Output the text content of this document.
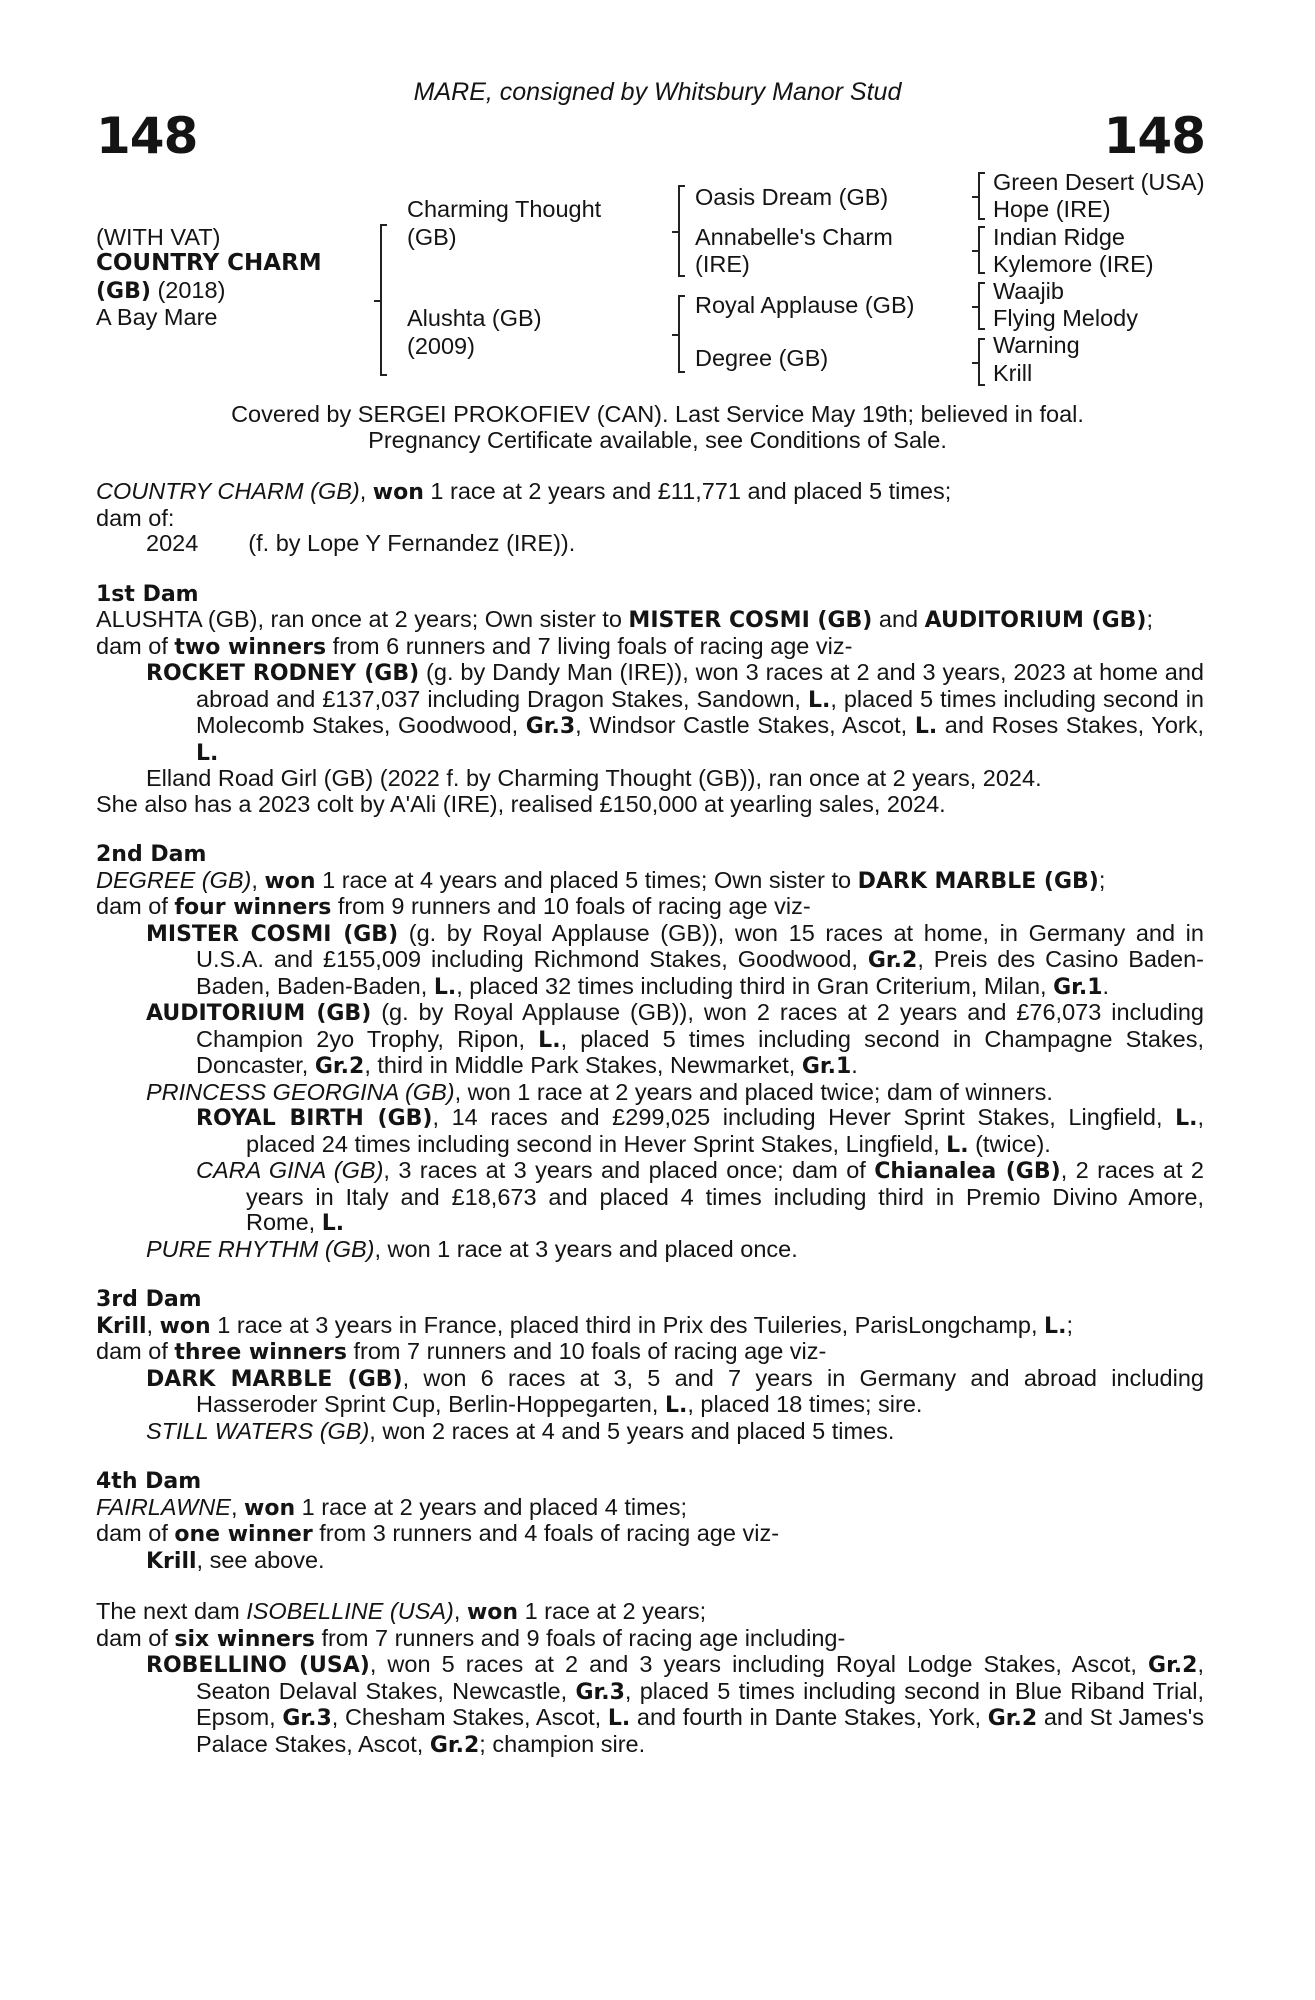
MARE, consigned by Whitsbury Manor Stud
148	148
(WITH VAT)
COUNTRY CHARM
(GB) (2018)
A Bay Mare
Charming Thought
(GB)
Alushta (GB)
(2009)
Oasis Dream (GB)
Annabelle's Charm
(IRE)
Royal Applause (GB)
Degree (GB)
Green Desert (USA)
Hope (IRE)
Indian Ridge
Kylemore (IRE)
Waajib
Flying Melody
Warning
Krill
Covered by SERGEI PROKOFIEV (CAN). Last Service May 19th; believed in foal.
Pregnancy Certificate available, see Conditions of Sale.

COUNTRY CHARM (GB), won 1 race at 2 years and £11,771 and placed 5 times;

dam of:

2024 (f. by Lope Y Fernandez (IRE)).

1st Dam

ALUSHTA (GB), ran once at 2 years; Own sister to MISTER COSMI (GB) and AUDITORIUM (GB);

dam of two winners from 6 runners and 7 living foals of racing age viz-

ROCKET RODNEY (GB) (g. by Dandy Man (IRE)), won 3 races at 2 and 3 years, 2023 at home and abroad and £137,037 including Dragon Stakes, Sandown, L., placed 5 times including second in Molecomb Stakes, Goodwood, Gr.3, Windsor Castle Stakes, Ascot, L. and Roses Stakes, York, L.

Elland Road Girl (GB) (2022 f. by Charming Thought (GB)), ran once at 2 years, 2024.

She also has a 2023 colt by A'Ali (IRE), realised £150,000 at yearling sales, 2024.

2nd Dam

DEGREE (GB), won 1 race at 4 years and placed 5 times; Own sister to DARK MARBLE (GB);

dam of four winners from 9 runners and 10 foals of racing age viz-

MISTER COSMI (GB) (g. by Royal Applause (GB)), won 15 races at home, in Germany and in U.S.A. and £155,009 including Richmond Stakes, Goodwood, Gr.2, Preis des Casino Baden-Baden, Baden-Baden, L., placed 32 times including third in Gran Criterium, Milan, Gr.1.

AUDITORIUM (GB) (g. by Royal Applause (GB)), won 2 races at 2 years and £76,073 including Champion 2yo Trophy, Ripon, L., placed 5 times including second in Champagne Stakes, Doncaster, Gr.2, third in Middle Park Stakes, Newmarket, Gr.1.

PRINCESS GEORGINA (GB), won 1 race at 2 years and placed twice; dam of winners.

ROYAL BIRTH (GB), 14 races and £299,025 including Hever Sprint Stakes, Lingfield, L., placed 24 times including second in Hever Sprint Stakes, Lingfield, L. (twice).

CARA GINA (GB), 3 races at 3 years and placed once; dam of Chianalea (GB), 2 races at 2 years in Italy and £18,673 and placed 4 times including third in Premio Divino Amore, Rome, L.

PURE RHYTHM (GB), won 1 race at 3 years and placed once.

3rd Dam

Krill, won 1 race at 3 years in France, placed third in Prix des Tuileries, ParisLongchamp, L.;

dam of three winners from 7 runners and 10 foals of racing age viz-

DARK MARBLE (GB), won 6 races at 3, 5 and 7 years in Germany and abroad including Hasseroder Sprint Cup, Berlin-Hoppegarten, L., placed 18 times; sire.

STILL WATERS (GB), won 2 races at 4 and 5 years and placed 5 times.

4th Dam

FAIRLAWNE, won 1 race at 2 years and placed 4 times;

dam of one winner from 3 runners and 4 foals of racing age viz-

Krill, see above.

The next dam ISOBELLINE (USA), won 1 race at 2 years;

dam of six winners from 7 runners and 9 foals of racing age including-

ROBELLINO (USA), won 5 races at 2 and 3 years including Royal Lodge Stakes, Ascot, Gr.2, Seaton Delaval Stakes, Newcastle, Gr.3, placed 5 times including second in Blue Riband Trial, Epsom, Gr.3, Chesham Stakes, Ascot, L. and fourth in Dante Stakes, York, Gr.2 and St James's Palace Stakes, Ascot, Gr.2; champion sire.
